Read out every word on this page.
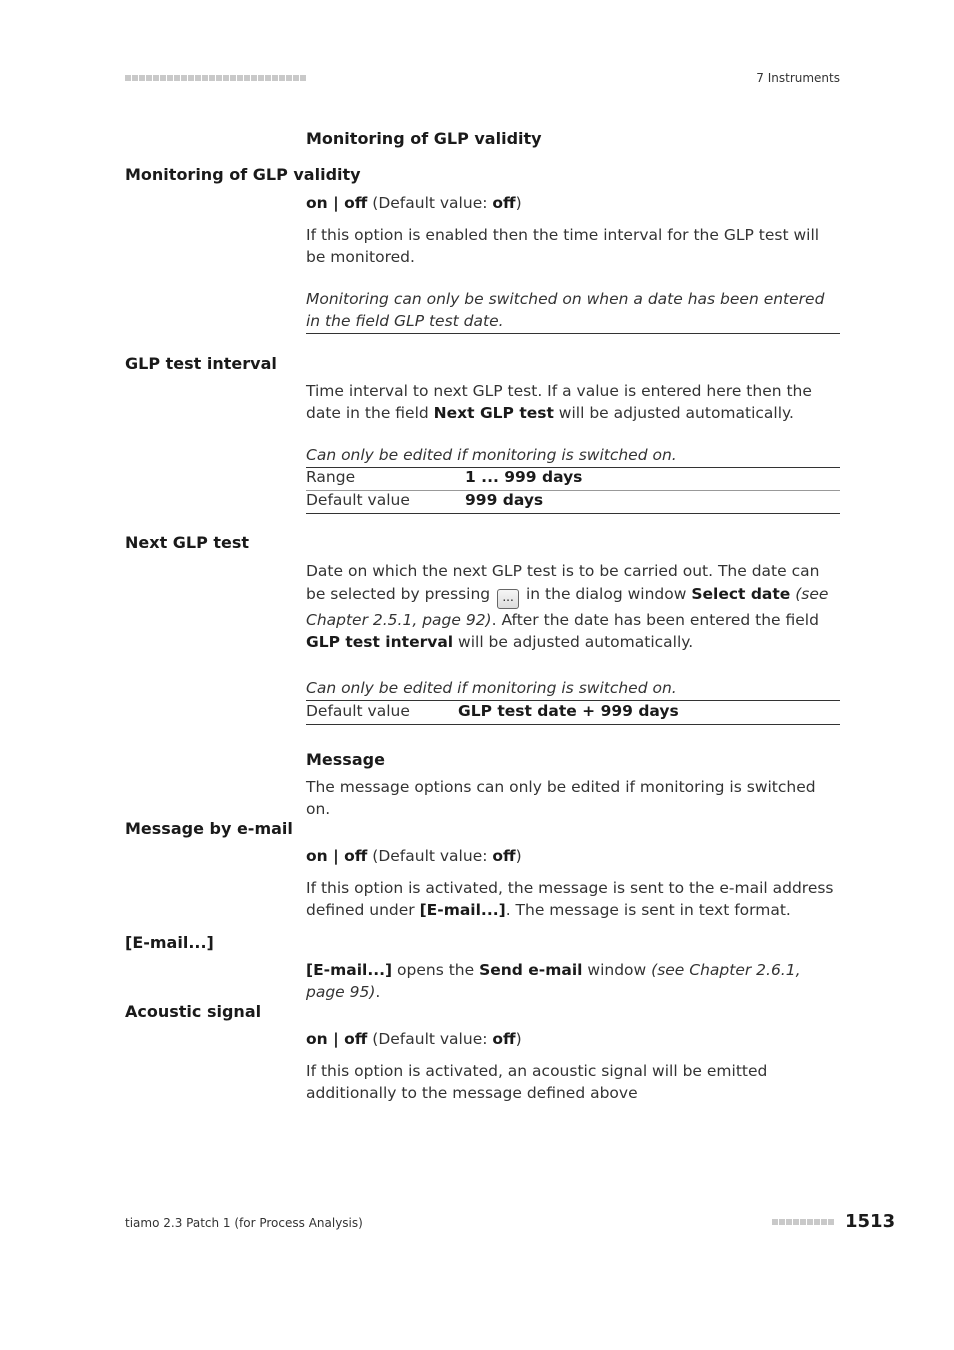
7 Instruments
Monitoring of GLP validity
Monitoring of GLP validity
on | off (Default value: off)
If this option is enabled then the time interval for the GLP test will be monitored.
Monitoring can only be switched on when a date has been entered in the field GLP test date.
GLP test interval
Time interval to next GLP test. If a value is entered here then the date in the field Next GLP test will be adjusted automatically.
Can only be edited if monitoring is switched on.
Range	1 ... 999 days
Default value	999 days
Next GLP test
Date on which the next GLP test is to be carried out. The date can be selected by pressing ... in the dialog window Select date (see Chapter 2.5.1, page 92). After the date has been entered the field GLP test interval will be adjusted automatically.
Can only be edited if monitoring is switched on.
Default value	GLP test date + 999 days
Message
The message options can only be edited if monitoring is switched on.
Message by e-mail
on | off (Default value: off)
If this option is activated, the message is sent to the e-mail address defined under [E-mail...]. The message is sent in text format.
[E-mail...]
[E-mail...] opens the Send e-mail window (see Chapter 2.6.1, page 95).
Acoustic signal
on | off (Default value: off)
If this option is activated, an acoustic signal will be emitted additionally to the message defined above
tiamo 2.3 Patch 1 (for Process Analysis)	1513
